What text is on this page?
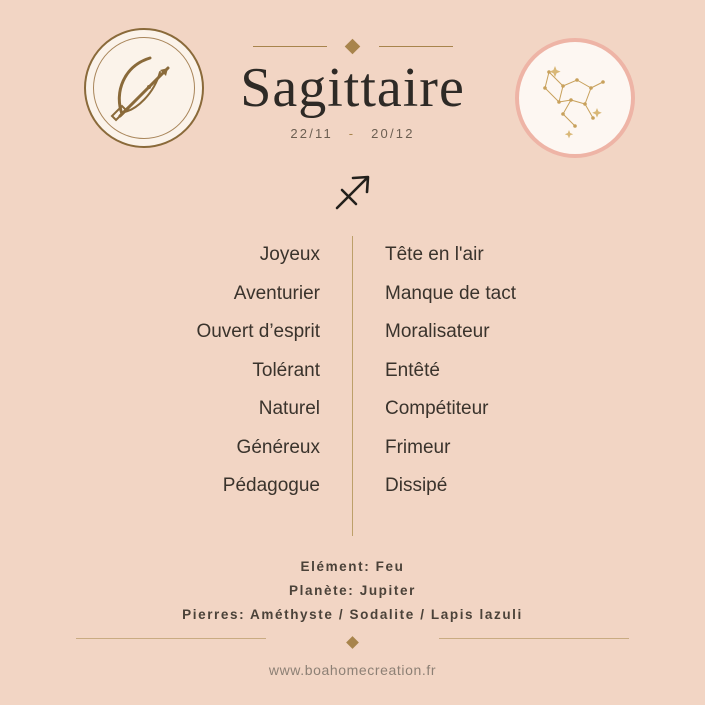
Sagittaire
22/11 - 20/12
Joyeux
Aventurier
Ouvert d’esprit
Tolérant
Naturel
Généreux
Pédagogue
Tête en l'air
Manque de tact
Moralisateur
Entêté
Compétiteur
Frimeur
Dissipé
Elément: Feu
Planète: Jupiter
Pierres: Améthyste / Sodalite / Lapis lazuli
www.boahomecreation.fr
